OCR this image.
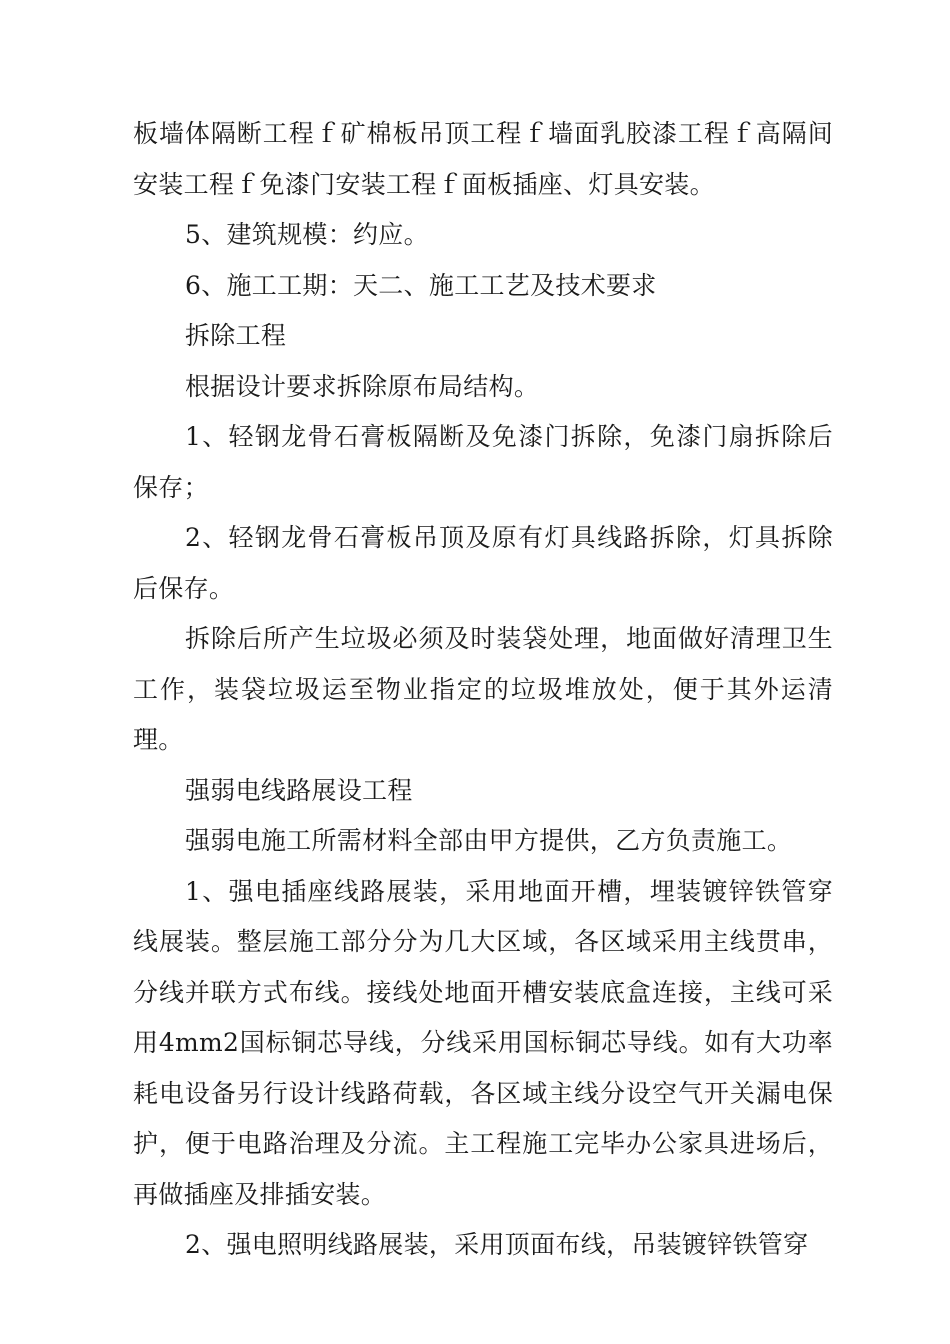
板墙体隔断工程ｆ矿棉板吊顶工程ｆ墙面乳胶漆工程ｆ高隔间安装工程ｆ免漆门安装工程ｆ面板插座、灯具安装。

5、建筑规模：约应。

6、施工工期：天二、施工工艺及技术要求

拆除工程

根据设计要求拆除原布局结构。

1、轻钢龙骨石膏板隔断及免漆门拆除，免漆门扇拆除后保存；

2、轻钢龙骨石膏板吊顶及原有灯具线路拆除，灯具拆除后保存。

拆除后所产生垃圾必须及时装袋处理，地面做好清理卫生工作，装袋垃圾运至物业指定的垃圾堆放处，便于其外运清理。

强弱电线路展设工程

强弱电施工所需材料全部由甲方提供，乙方负责施工。

1、强电插座线路展装，采用地面开槽，埋装镀锌铁管穿线展装。整层施工部分分为几大区域，各区域采用主线贯串，分线并联方式布线。接线处地面开槽安装底盒连接，主线可采用4mm2国标铜芯导线，分线采用国标铜芯导线。如有大功率耗电设备另行设计线路荷载，各区域主线分设空气开关漏电保护，便于电路治理及分流。主工程施工完毕办公家具进场后，再做插座及排插安装。

2、强电照明线路展装，采用顶面布线，吊装镀锌铁管穿
